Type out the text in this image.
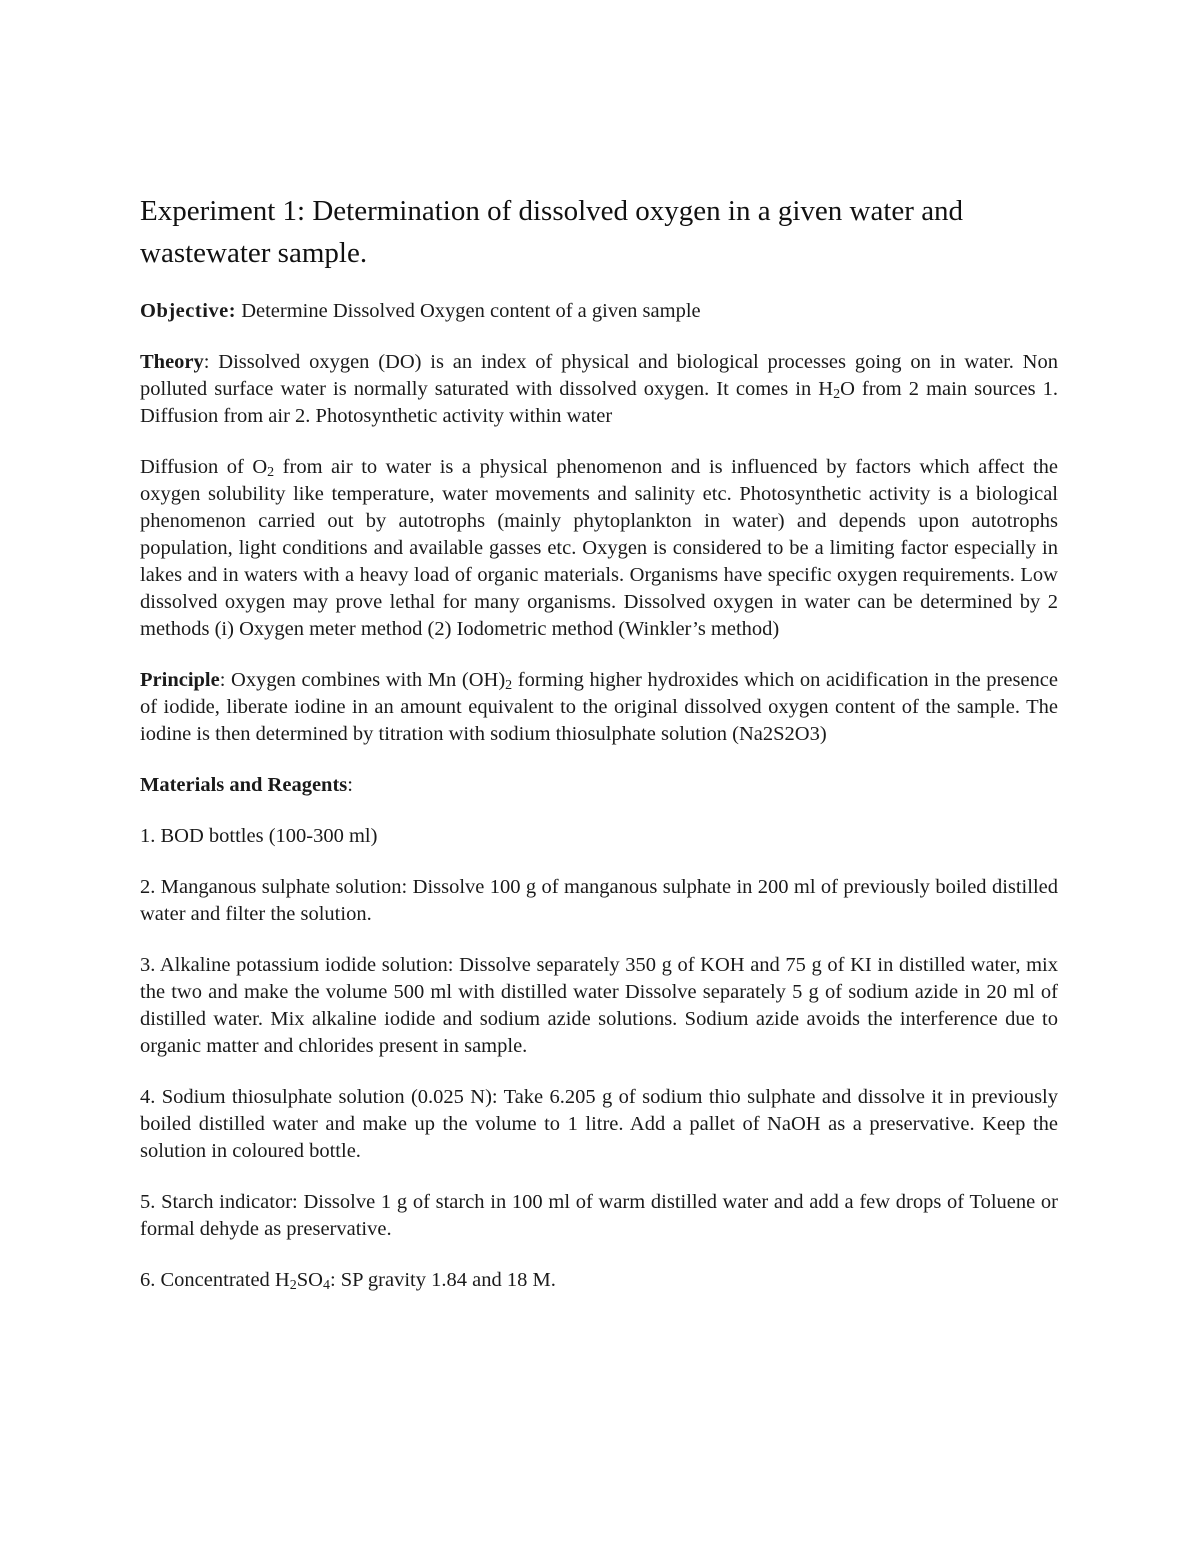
Experiment 1: Determination of dissolved oxygen in a given water and wastewater sample.

Objective: Determine Dissolved Oxygen content of a given sample

Theory: Dissolved oxygen (DO) is an index of physical and biological processes going on in water. Non polluted surface water is normally saturated with dissolved oxygen. It comes in $H_2O$ from 2 main sources 1. Diffusion from air 2. Photosynthetic activity within water

Diffusion of $O_2$ from air to water is a physical phenomenon and is influenced by factors which affect the oxygen solubility like temperature, water movements and salinity etc. Photosynthetic activity is a biological phenomenon carried out by autotrophs (mainly phytoplankton in water) and depends upon autotrophs population, light conditions and available gasses etc. Oxygen is considered to be a limiting factor especially in lakes and in waters with a heavy load of organic materials. Organisms have specific oxygen requirements. Low dissolved oxygen may prove lethal for many organisms. Dissolved oxygen in water can be determined by 2 methods (i) Oxygen meter method (2) Iodometric method (Winkler’s method)

Principle: Oxygen combines with Mn $(OH)_2$ forming higher hydroxides which on acidification in the presence of iodide, liberate iodine in an amount equivalent to the original dissolved oxygen content of the sample. The iodine is then determined by titration with sodium thiosulphate solution (Na2S2O3)

Materials and Reagents:

1. BOD bottles (100-300 ml)

2. Manganous sulphate solution: Dissolve 100 g of manganous sulphate in 200 ml of previously boiled distilled water and filter the solution.

3. Alkaline potassium iodide solution: Dissolve separately 350 g of KOH and 75 g of KI in distilled water, mix the two and make the volume 500 ml with distilled water Dissolve separately 5 g of sodium azide in 20 ml of distilled water. Mix alkaline iodide and sodium azide solutions. Sodium azide avoids the interference due to organic matter and chlorides present in sample.

4. Sodium thiosulphate solution (0.025 N): Take 6.205 g of sodium thio sulphate and dissolve it in previously boiled distilled water and make up the volume to 1 litre. Add a pallet of NaOH as a preservative. Keep the solution in coloured bottle.

5. Starch indicator: Dissolve 1 g of starch in 100 ml of warm distilled water and add a few drops of Toluene or formal dehyde as preservative.

6. Concentrated $H_2SO_4$: SP gravity 1.84 and 18 M.
